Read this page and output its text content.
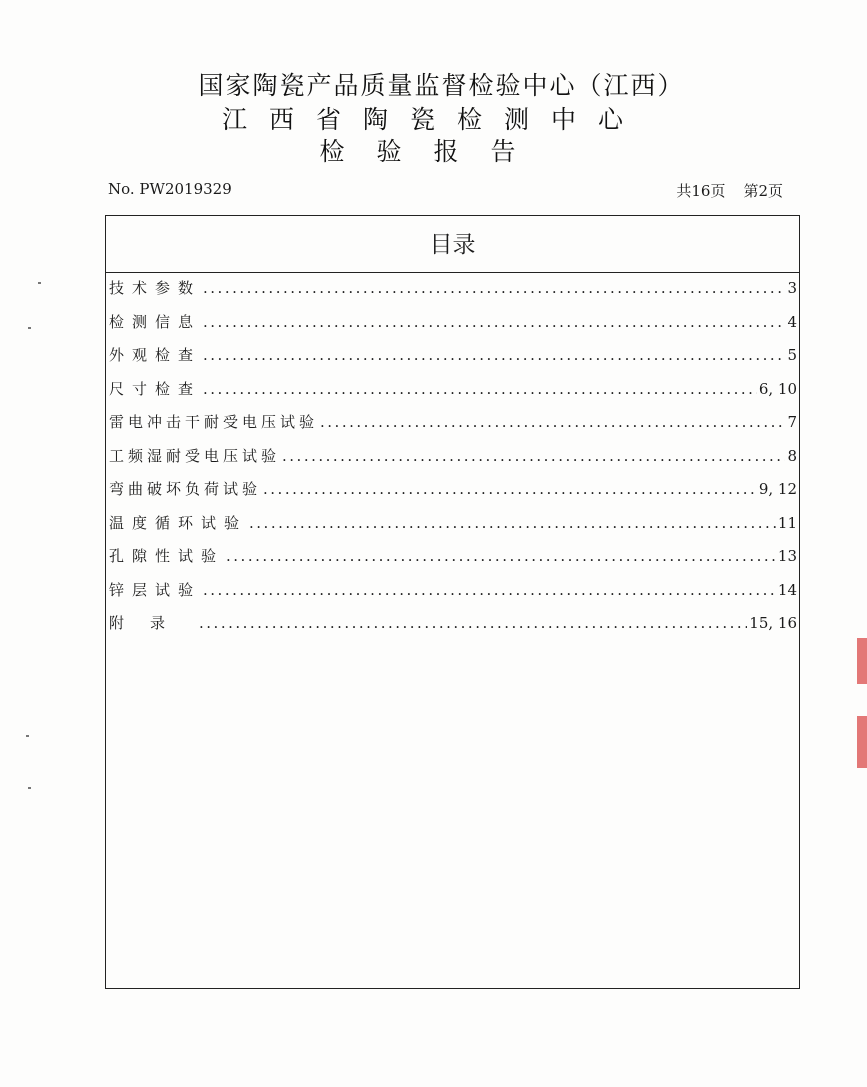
国家陶瓷产品质量监督检验中心（江西）
江西省陶瓷检测中心
检验报告
No. PW2019329	共16页 第2页
目录
技术参数 .....	3
检测信息 .....	4
外观检查 .....	5
尺寸检查 .....	6, 10
雷电冲击干耐受电压试验 .....	7
工频湿耐受电压试验 .....	8
弯曲破坏负荷试验 .....	9, 12
温度循环试验 .....	11
孔隙性试验 .....	13
锌层试验 .....	14
附录 .....	15, 16
